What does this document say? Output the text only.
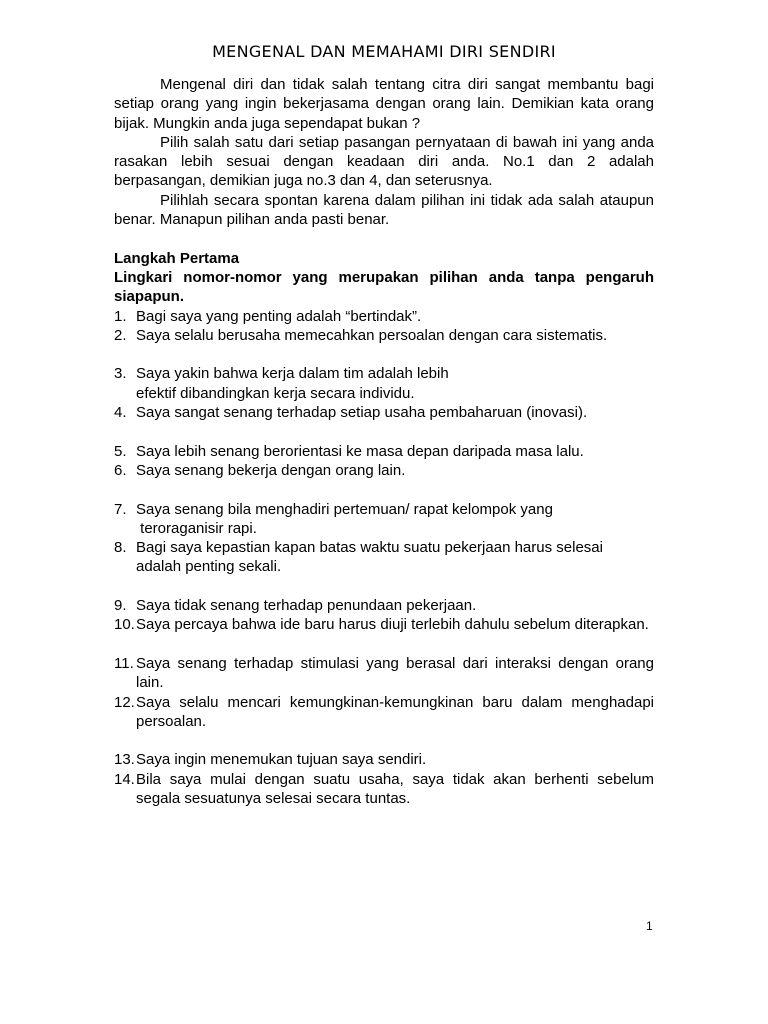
MENGENAL DAN MEMAHAMI DIRI SENDIRI

Mengenal diri dan tidak salah tentang citra diri sangat membantu bagi setiap orang yang ingin bekerjasama dengan orang lain. Demikian kata orang bijak. Mungkin anda juga sependapat bukan ?

Pilih salah satu dari setiap pasangan pernyataan di bawah ini yang anda rasakan lebih sesuai dengan keadaan diri anda. No.1 dan 2 adalah berpasangan, demikian juga no.3 dan 4, dan seterusnya.

Pilihlah secara spontan karena dalam pilihan ini tidak ada salah ataupun benar. Manapun pilihan anda pasti benar.

Langkah Pertama

Lingkari nomor-nomor yang merupakan pilihan anda tanpa pengaruh siapapun.

1. Bagi saya yang penting adalah “bertindak”.
2. Saya selalu berusaha memecahkan persoalan dengan cara sistematis.
3. Saya yakin bahwa kerja dalam tim adalah lebih
efektif dibandingkan kerja secara individu.
4. Saya sangat senang terhadap setiap usaha pembaharuan (inovasi).
5. Saya lebih senang berorientasi ke masa depan daripada masa lalu.
6. Saya senang bekerja dengan orang lain.
7. Saya senang bila menghadiri pertemuan/ rapat kelompok yang
teroraganisir rapi.
8. Bagi saya kepastian kapan batas waktu suatu pekerjaan harus selesai
adalah penting sekali.
9. Saya tidak senang terhadap penundaan pekerjaan.
10. Saya percaya bahwa ide baru harus diuji terlebih dahulu sebelum diterapkan.
11. Saya senang terhadap stimulasi yang berasal dari interaksi dengan orang lain.
12. Saya selalu mencari kemungkinan-kemungkinan baru dalam menghadapi persoalan.
13. Saya ingin menemukan tujuan saya sendiri.
14. Bila saya mulai dengan suatu usaha, saya tidak akan berhenti sebelum segala sesuatunya selesai secara tuntas.
1
